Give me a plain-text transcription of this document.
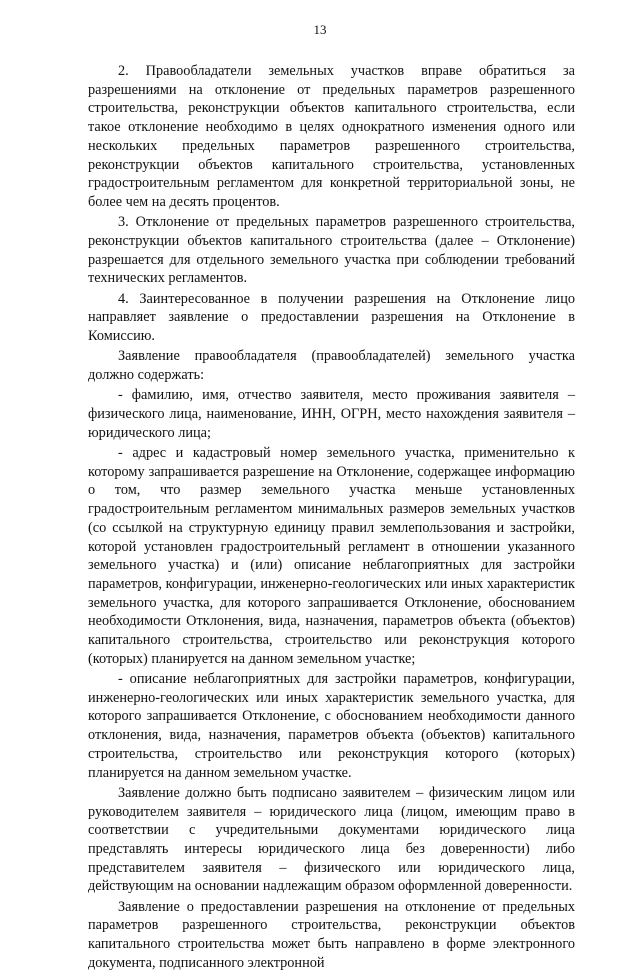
13

2. Правообладатели земельных участков вправе обратиться за разрешениями на отклонение от предельных параметров разрешенного строительства, реконструкции объектов капитального строительства, если такое отклонение необходимо в целях однократного изменения одного или нескольких предельных параметров разрешенного строительства, реконструкции объектов капитального строительства, установленных градостроительным регламентом для конкретной территориальной зоны, не более чем на десять процентов.

3. Отклонение от предельных параметров разрешенного строительства, реконструкции объектов капитального строительства (далее – Отклонение) разрешается для отдельного земельного участка при соблюдении требований технических регламентов.

4. Заинтересованное в получении разрешения на Отклонение лицо направляет заявление о предоставлении разрешения на Отклонение в Комиссию.

Заявление правообладателя (правообладателей) земельного участка должно содержать:

- фамилию, имя, отчество заявителя, место проживания заявителя – физического лица, наименование, ИНН, ОГРН, место нахождения заявителя – юридического лица;

- адрес и кадастровый номер земельного участка, применительно к которому запрашивается разрешение на Отклонение, содержащее информацию о том, что размер земельного участка меньше установленных градостроительным регламентом минимальных размеров земельных участков (со ссылкой на структурную единицу правил землепользования и застройки, которой установлен градостроительный регламент в отношении указанного земельного участка) и (или) описание неблагоприятных для застройки параметров, конфигурации, инженерно-геологических или иных характеристик земельного участка, для которого запрашивается Отклонение, обоснованием необходимости Отклонения, вида, назначения, параметров объекта (объектов) капитального строительства, строительство или реконструкция которого (которых) планируется на данном земельном участке;

- описание неблагоприятных для застройки параметров, конфигурации, инженерно-геологических или иных характеристик земельного участка, для которого запрашивается Отклонение, с обоснованием необходимости данного отклонения, вида, назначения, параметров объекта (объектов) капитального строительства, строительство или реконструкция которого (которых) планируется на данном земельном участке.

Заявление должно быть подписано заявителем – физическим лицом или руководителем заявителя – юридического лица (лицом, имеющим право в соответствии с учредительными документами юридического лица представлять интересы юридического лица без доверенности) либо представителем заявителя – физического или юридического лица, действующим на основании надлежащим образом оформленной доверенности.

Заявление о предоставлении разрешения на отклонение от предельных параметров разрешенного строительства, реконструкции объектов капитального строительства может быть направлено в форме электронного документа, подписанного электронной
